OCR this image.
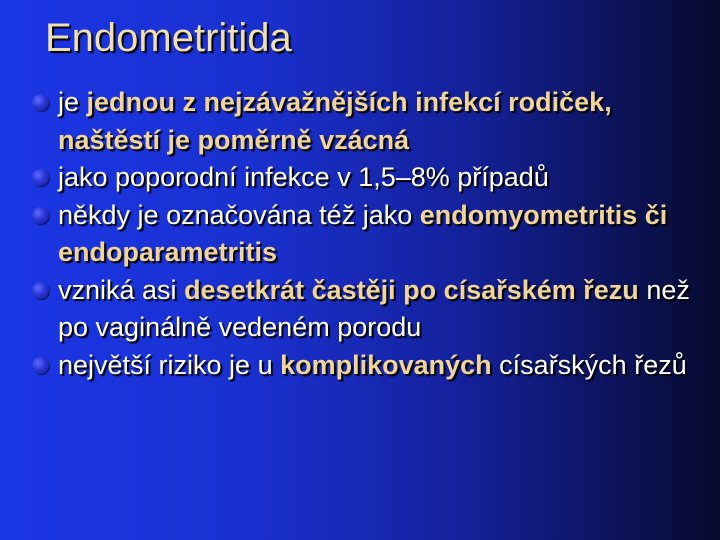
Endometritida
je jednou z nejzávažnějších infekcí rodiček, naštěstí je poměrně vzácná
jako poporodní infekce v 1,5–8% případů
někdy je označována též jako endomyometritis či endoparametritis
vzniká asi desetkrát častěji po císařském řezu než po vaginálně vedeném porodu
největší riziko je u komplikovaných císařských řezů
